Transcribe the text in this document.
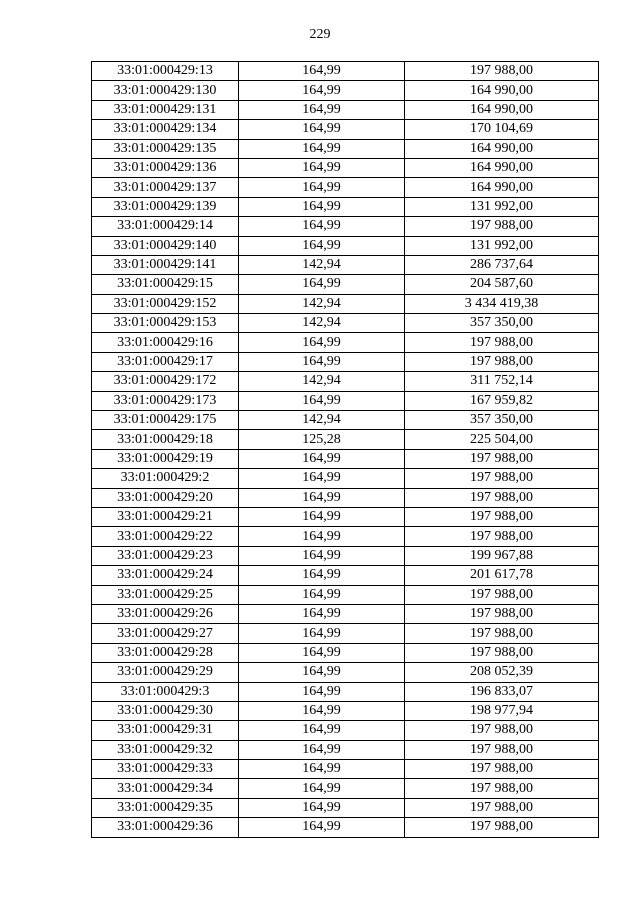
229
33:01:000429:13	164,99	197 988,00
33:01:000429:130	164,99	164 990,00
33:01:000429:131	164,99	164 990,00
33:01:000429:134	164,99	170 104,69
33:01:000429:135	164,99	164 990,00
33:01:000429:136	164,99	164 990,00
33:01:000429:137	164,99	164 990,00
33:01:000429:139	164,99	131 992,00
33:01:000429:14	164,99	197 988,00
33:01:000429:140	164,99	131 992,00
33:01:000429:141	142,94	286 737,64
33:01:000429:15	164,99	204 587,60
33:01:000429:152	142,94	3 434 419,38
33:01:000429:153	142,94	357 350,00
33:01:000429:16	164,99	197 988,00
33:01:000429:17	164,99	197 988,00
33:01:000429:172	142,94	311 752,14
33:01:000429:173	164,99	167 959,82
33:01:000429:175	142,94	357 350,00
33:01:000429:18	125,28	225 504,00
33:01:000429:19	164,99	197 988,00
33:01:000429:2	164,99	197 988,00
33:01:000429:20	164,99	197 988,00
33:01:000429:21	164,99	197 988,00
33:01:000429:22	164,99	197 988,00
33:01:000429:23	164,99	199 967,88
33:01:000429:24	164,99	201 617,78
33:01:000429:25	164,99	197 988,00
33:01:000429:26	164,99	197 988,00
33:01:000429:27	164,99	197 988,00
33:01:000429:28	164,99	197 988,00
33:01:000429:29	164,99	208 052,39
33:01:000429:3	164,99	196 833,07
33:01:000429:30	164,99	198 977,94
33:01:000429:31	164,99	197 988,00
33:01:000429:32	164,99	197 988,00
33:01:000429:33	164,99	197 988,00
33:01:000429:34	164,99	197 988,00
33:01:000429:35	164,99	197 988,00
33:01:000429:36	164,99	197 988,00
